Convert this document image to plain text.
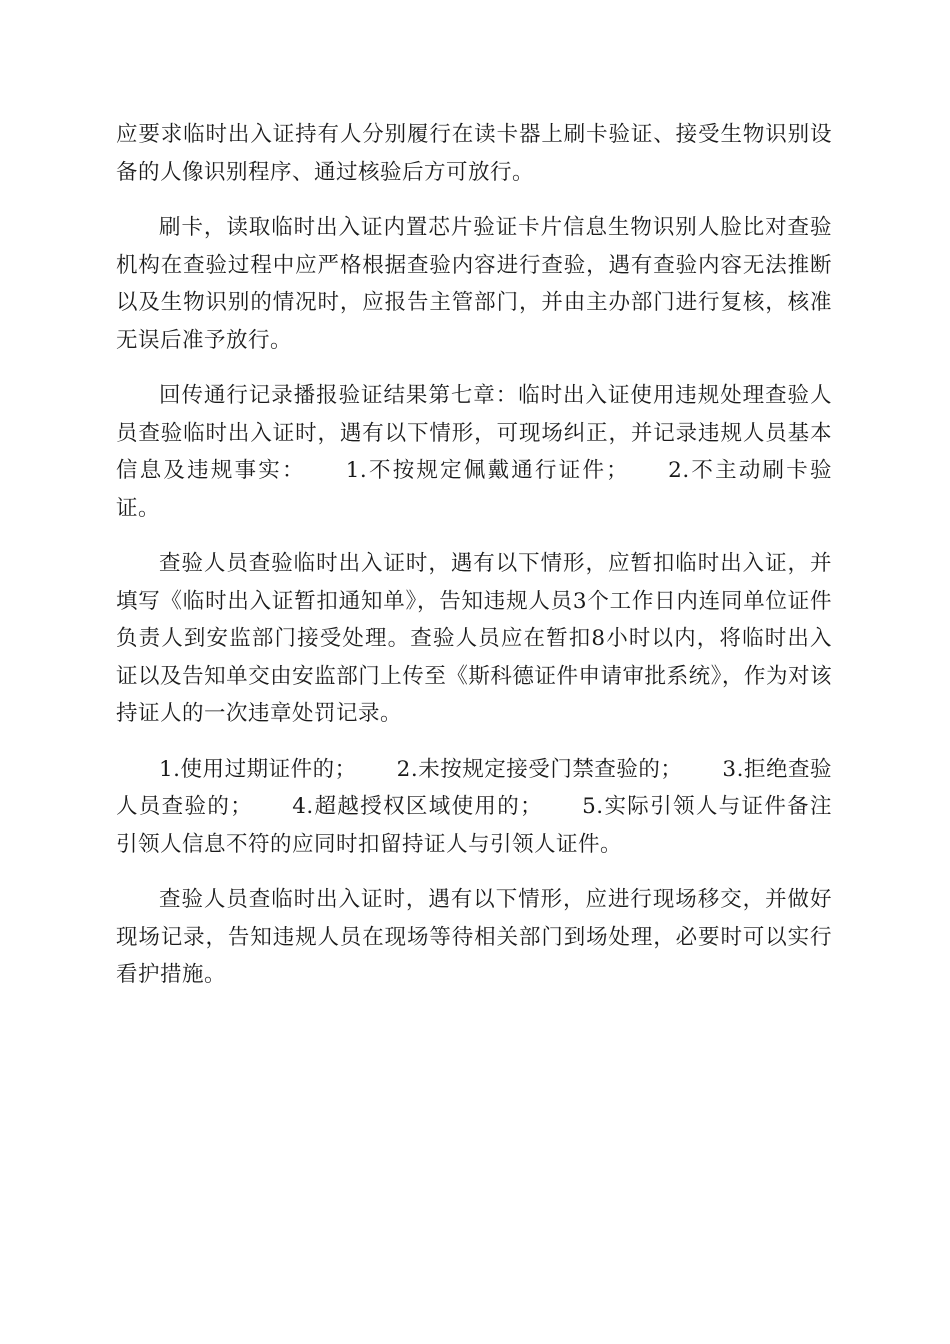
应要求临时出入证持有人分别履行在读卡器上刷卡验证、接受生物识别设备的人像识别程序、通过核验后方可放行。

刷卡，读取临时出入证内置芯片验证卡片信息生物识别人脸比对查验机构在查验过程中应严格根据查验内容进行查验，遇有查验内容无法推断以及生物识别的情况时，应报告主管部门，并由主办部门进行复核，核准无误后准予放行。

回传通行记录播报验证结果第七章：临时出入证使用违规处理查验人员查验临时出入证时，遇有以下情形，可现场纠正，并记录违规人员基本信息及违规事实： 1.不按规定佩戴通行证件； 2.不主动刷卡验证。

查验人员查验临时出入证时，遇有以下情形，应暂扣临时出入证，并填写《临时出入证暂扣通知单》，告知违规人员3个工作日内连同单位证件负责人到安监部门接受处理。查验人员应在暂扣8小时以内，将临时出入证以及告知单交由安监部门上传至《斯科德证件申请审批系统》，作为对该持证人的一次违章处罚记录。

1.使用过期证件的； 2.未按规定接受门禁查验的； 3.拒绝查验人员查验的； 4.超越授权区域使用的； 5.实际引领人与证件备注引领人信息不符的应同时扣留持证人与引领人证件。

查验人员查临时出入证时，遇有以下情形，应进行现场移交，并做好现场记录，告知违规人员在现场等待相关部门到场处理，必要时可以实行看护措施。
